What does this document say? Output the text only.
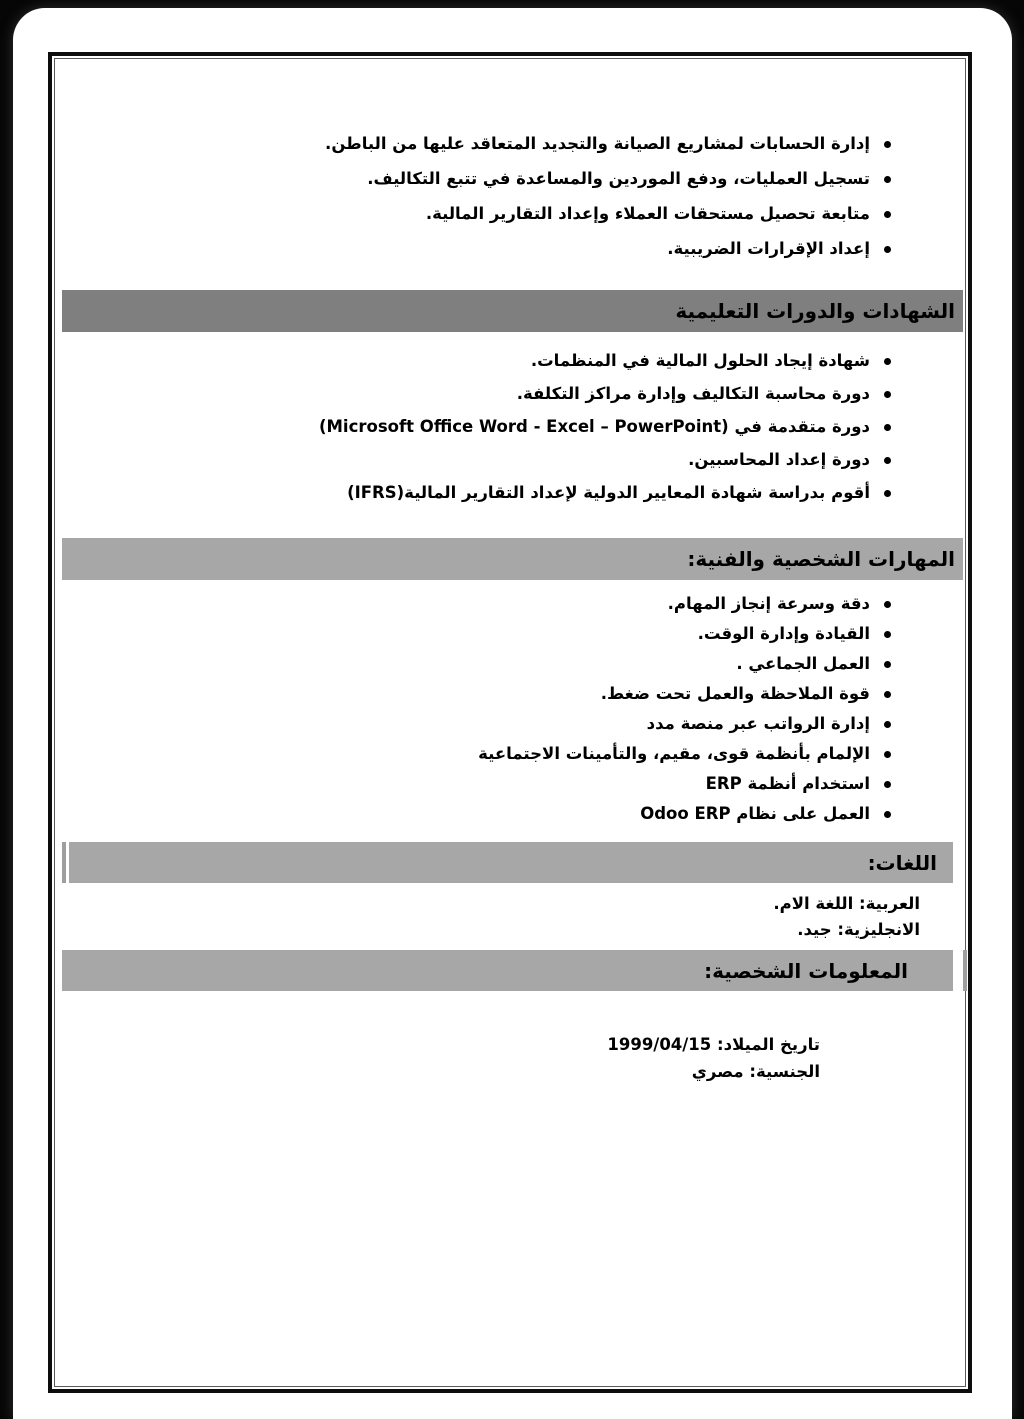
إدارة الحسابات لمشاريع الصيانة والتجديد المتعاقد عليها من الباطن.
تسجيل العمليات، ودفع الموردين والمساعدة في تتبع التكاليف.
متابعة تحصيل مستحقات العملاء وإعداد التقارير المالية.
إعداد الإقرارات الضريبية.
الشهادات والدورات التعليمية
شهادة إيجاد الحلول المالية في المنظمات.
دورة محاسبة التكاليف وإدارة مراكز التكلفة.
دورة متقدمة في (Microsoft Office Word - Excel – PowerPoint)
دورة إعداد المحاسبين.
أقوم بدراسة شهادة المعايير الدولية لإعداد التقارير المالية(IFRS)
المهارات الشخصية والفنية:
دقة وسرعة إنجاز المهام.
القيادة وإدارة الوقت.
العمل الجماعي .
قوة الملاحظة والعمل تحت ضغط.
إدارة الرواتب عبر منصة مدد
الإلمام بأنظمة قوى، مقيم، والتأمينات الاجتماعية
استخدام أنظمة ERP
العمل على نظام Odoo ERP
اللغات:
العربية: اللغة الام.
الانجليزية: جيد.
المعلومات الشخصية:
تاريخ الميلاد: 1999/04/15
الجنسية: مصري
